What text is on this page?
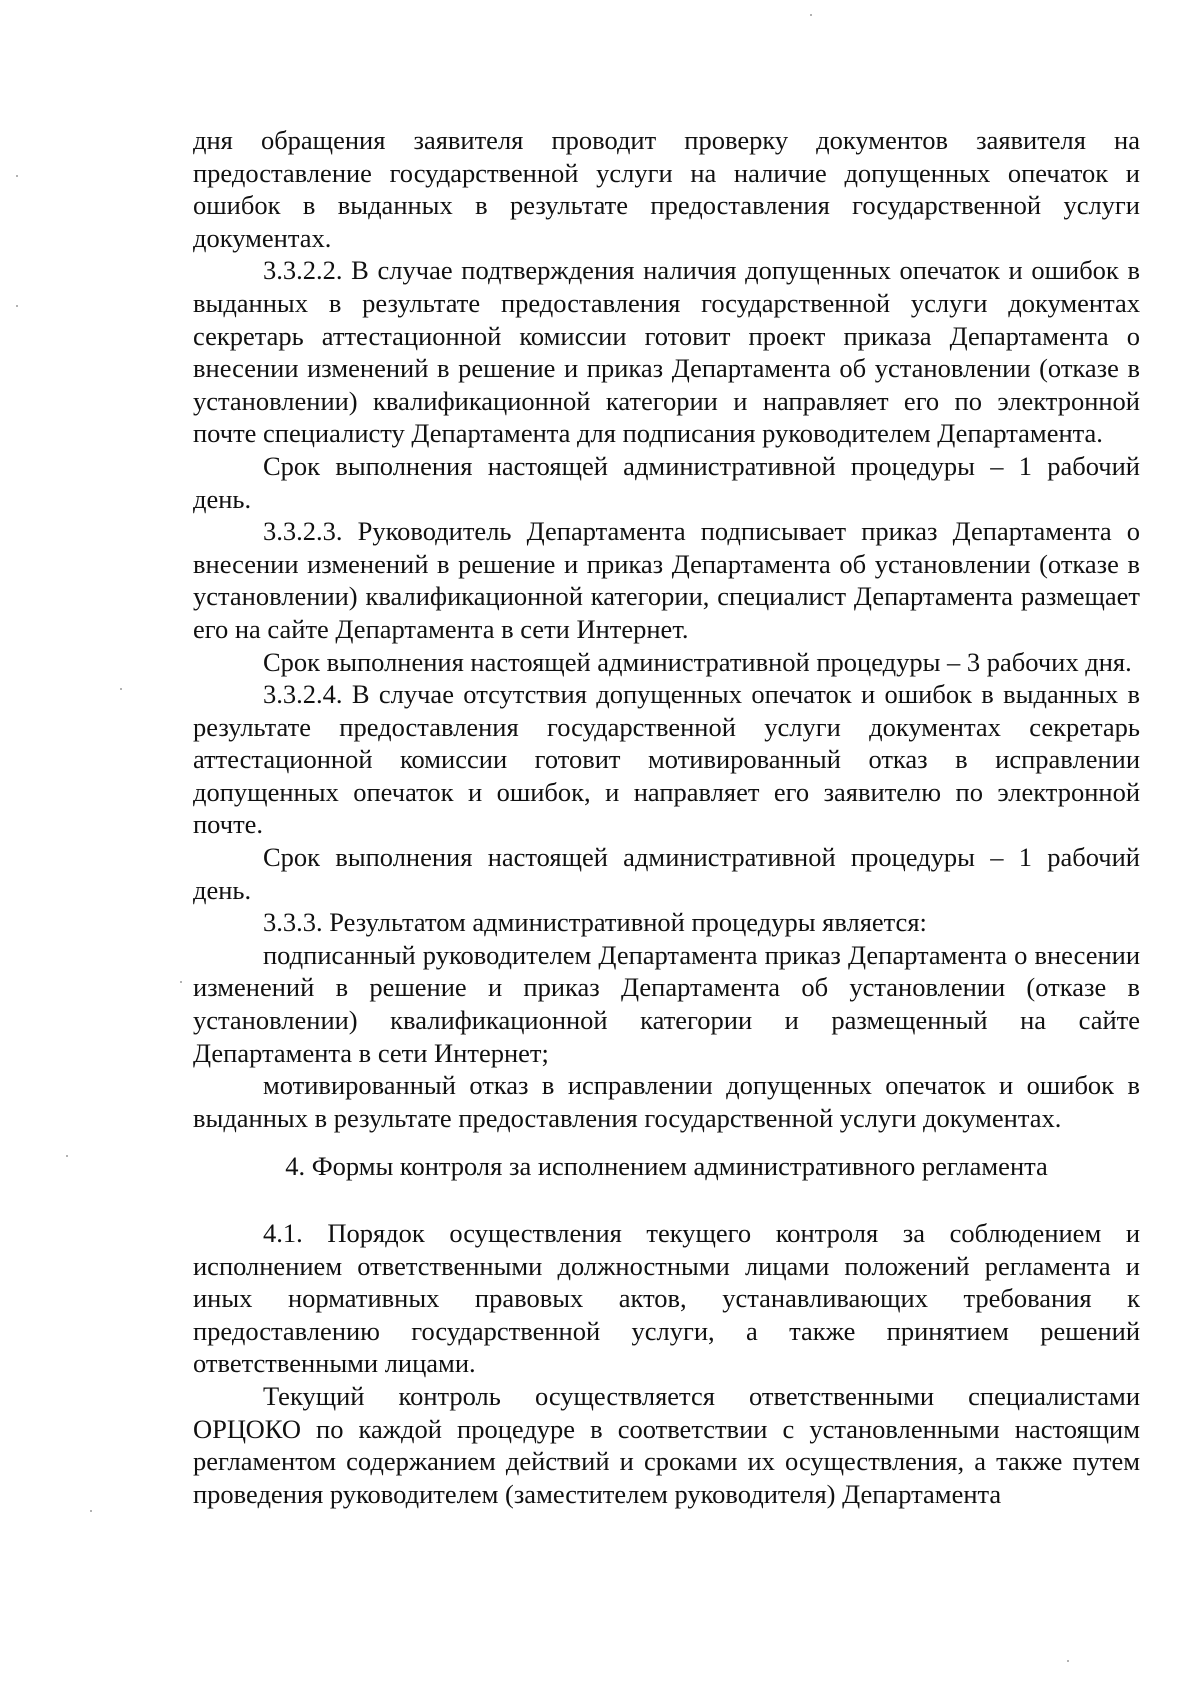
дня обращения заявителя проводит проверку документов заявителя на предоставление государственной услуги на наличие допущенных опечаток и ошибок в выданных в результате предоставления государственной услуги документах.

3.3.2.2. В случае подтверждения наличия допущенных опечаток и ошибок в выданных в результате предоставления государственной услуги документах секретарь аттестационной комиссии готовит проект приказа Департамента о внесении изменений в решение и приказ Департамента об установлении (отказе в установлении) квалификационной категории и направляет его по электронной почте специалисту Департамента для подписания руководителем Департамента.

Срок выполнения настоящей административной процедуры – 1 рабочий день.

3.3.2.3. Руководитель Департамента подписывает приказ Департамента о внесении изменений в решение и приказ Департамента об установлении (отказе в установлении) квалификационной категории, специалист Департамента размещает его на сайте Департамента в сети Интернет.

Срок выполнения настоящей административной процедуры – 3 рабочих дня.

3.3.2.4. В случае отсутствия допущенных опечаток и ошибок в выданных в результате предоставления государственной услуги документах секретарь аттестационной комиссии готовит мотивированный отказ в исправлении допущенных опечаток и ошибок, и направляет его заявителю по электронной почте.

Срок выполнения настоящей административной процедуры – 1 рабочий день.

3.3.3. Результатом административной процедуры является:

подписанный руководителем Департамента приказ Департамента о внесении изменений в решение и приказ Департамента об установлении (отказе в установлении) квалификационной категории и размещенный на сайте Департамента в сети Интернет;

мотивированный отказ в исправлении допущенных опечаток и ошибок в выданных в результате предоставления государственной услуги документах.

4. Формы контроля за исполнением административного регламента

4.1. Порядок осуществления текущего контроля за соблюдением и исполнением ответственными должностными лицами положений регламента и иных нормативных правовых актов, устанавливающих требования к предоставлению государственной услуги, а также принятием решений ответственными лицами.

Текущий контроль осуществляется ответственными специалистами ОРЦОКО по каждой процедуре в соответствии с установленными настоящим регламентом содержанием действий и сроками их осуществления, а также путем проведения руководителем (заместителем руководителя) Департамента
